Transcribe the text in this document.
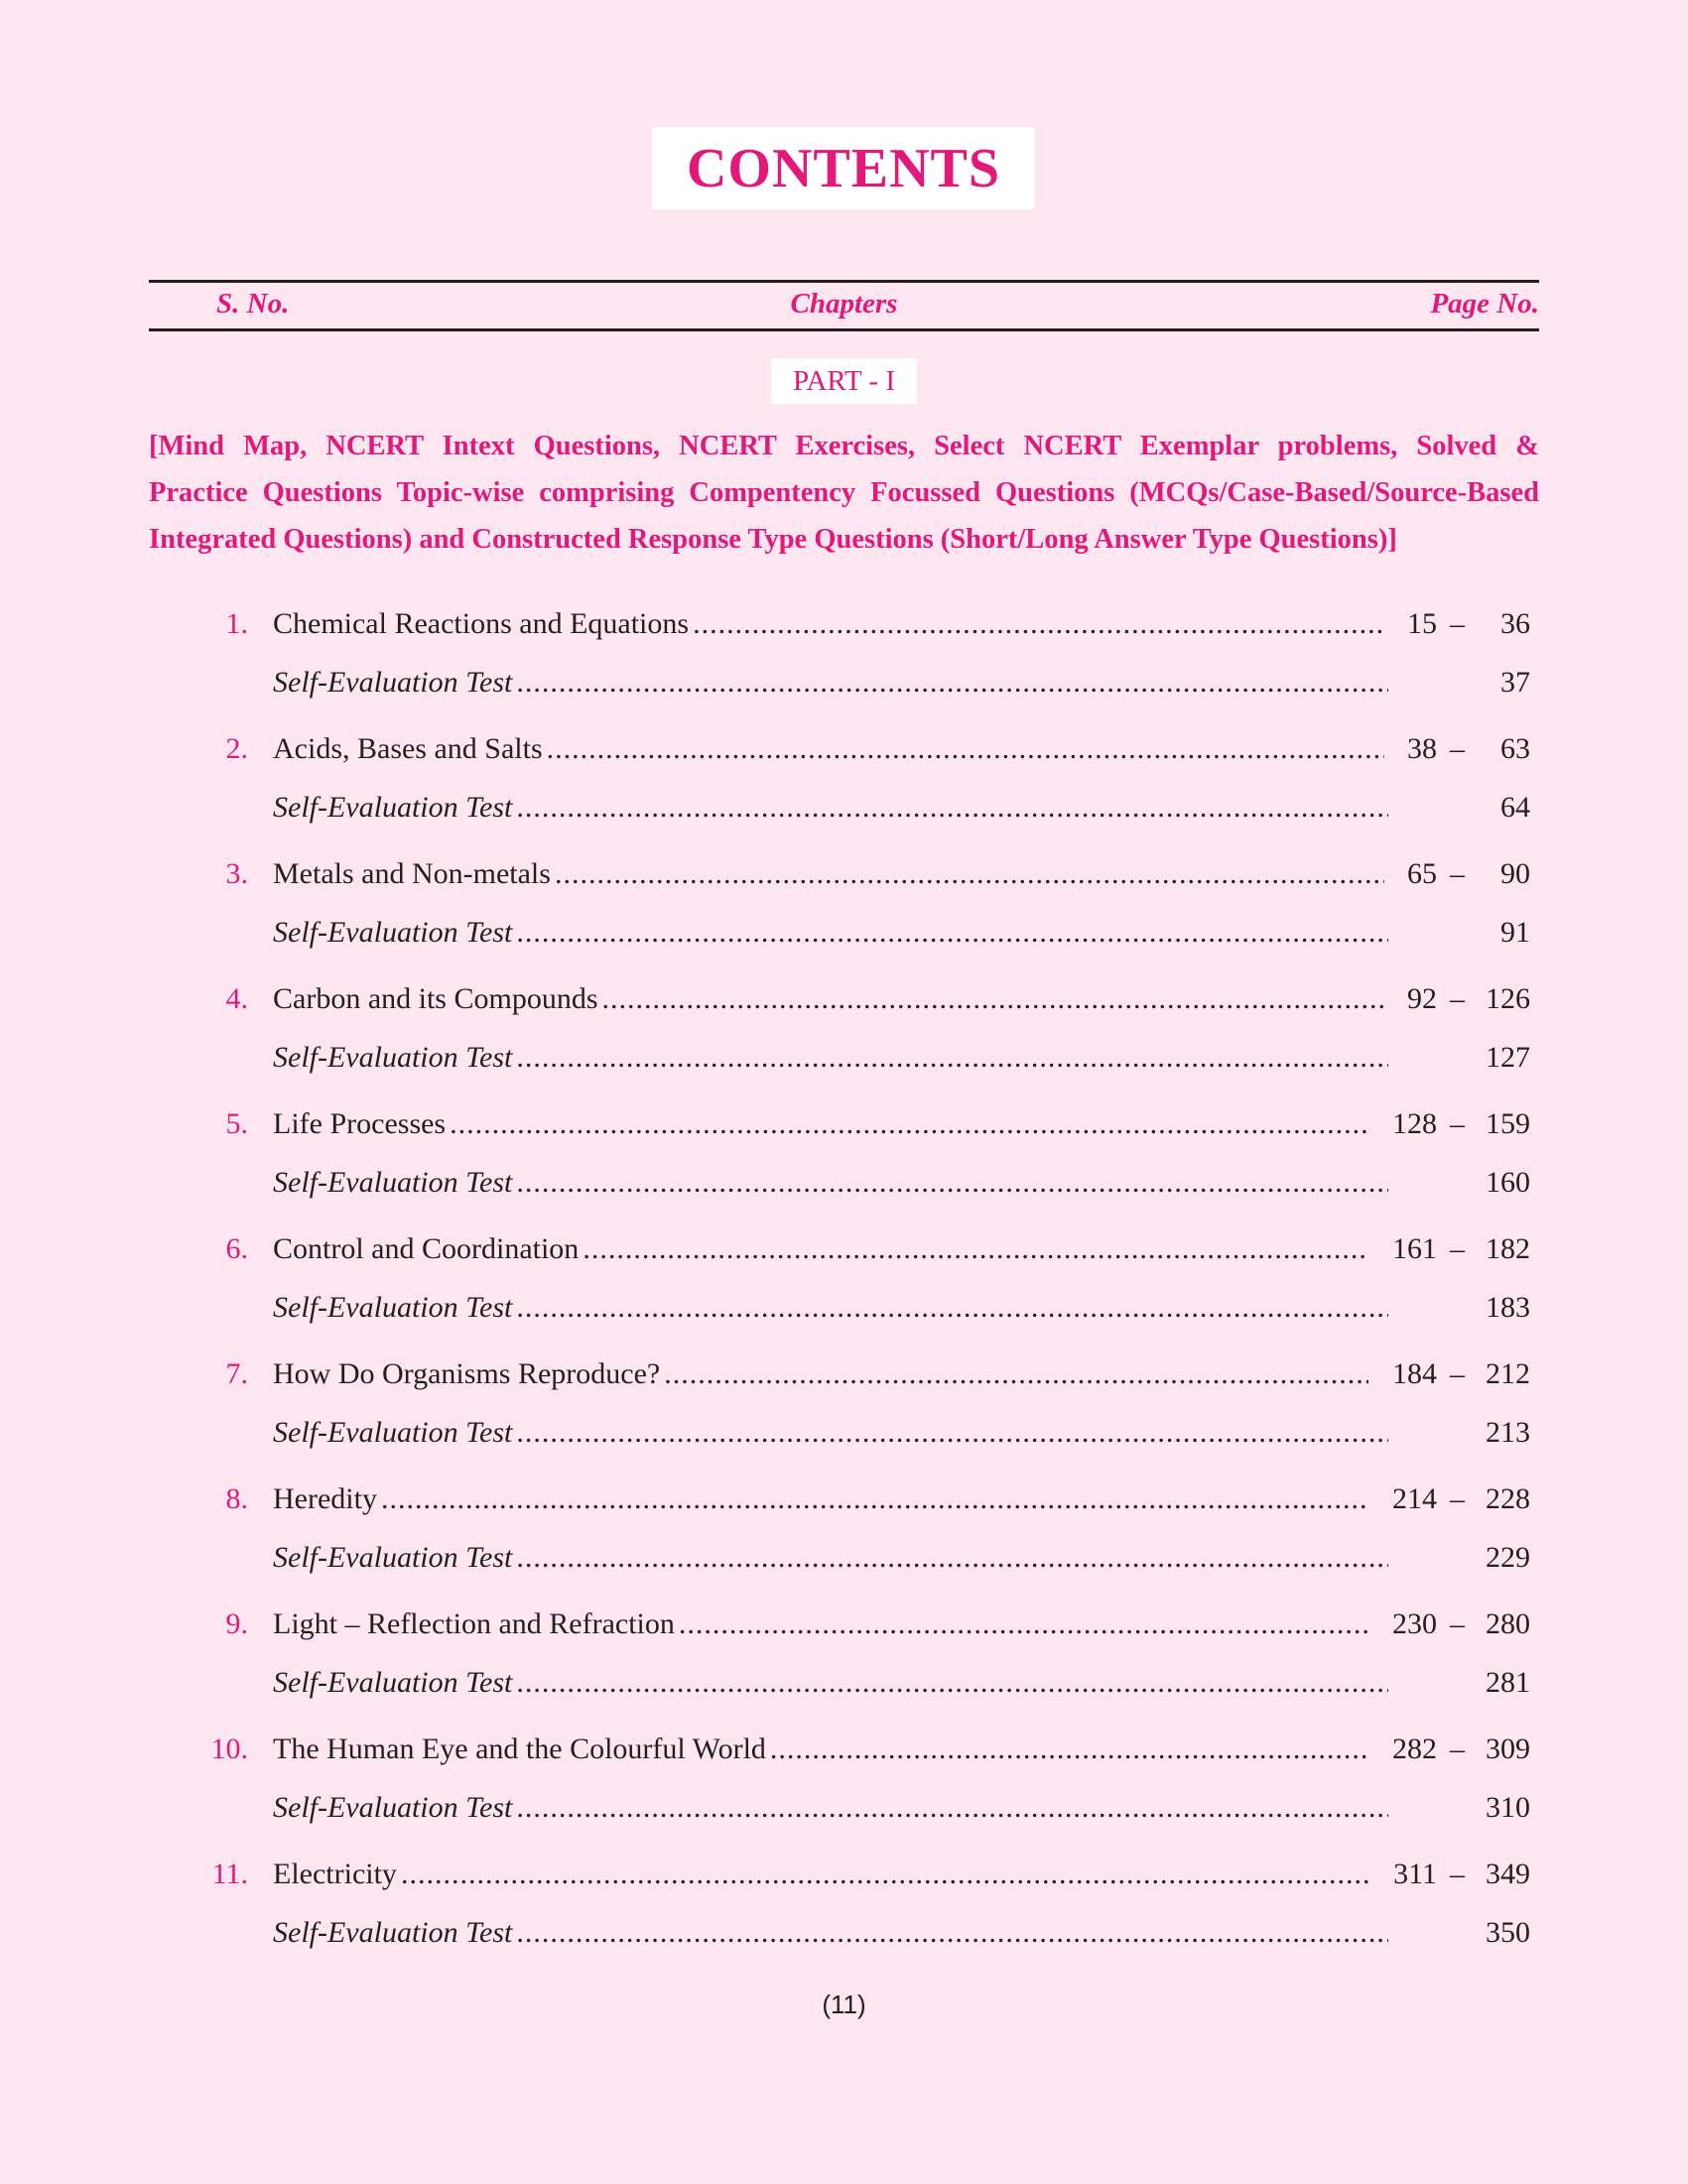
CONTENTS
Chapters
S. No.	Page No.
PART - I
[Mind Map, NCERT Intext Questions, NCERT Exercises, Select NCERT Exemplar problems, Solved &
Practice Questions Topic-wise comprising Compentency Focussed Questions (MCQs/Case-Based/Source-Based
Integrated Questions) and Constructed Response Type Questions (Short/Long Answer Type Questions)]
1. Chemical Reactions and Equations .....	15 –	36
Self-Evaluation Test .....	37
2. Acids, Bases and Salts .....	38 –	63
Self-Evaluation Test .....	64
3. Metals and Non-metals .....	65 –	90
Self-Evaluation Test .....	91
4. Carbon and its Compounds .....	92 – 126
Self-Evaluation Test .....	127
5. Life Processes .....	128 – 159
Self-Evaluation Test .....	160
6. Control and Coordination .....	161 – 182
Self-Evaluation Test .....	183
7. How Do Organisms Reproduce? .....	184 – 212
Self-Evaluation Test .....	213
8. Heredity .....	214 – 228
Self-Evaluation Test .....	229
9. Light – Reflection and Refraction .....	230 – 280
Self-Evaluation Test .....	281
10. The Human Eye and the Colourful World .....	282 – 309
Self-Evaluation Test .....	310
11. Electricity .....	311 – 349
Self-Evaluation Test .....	350
(11)
